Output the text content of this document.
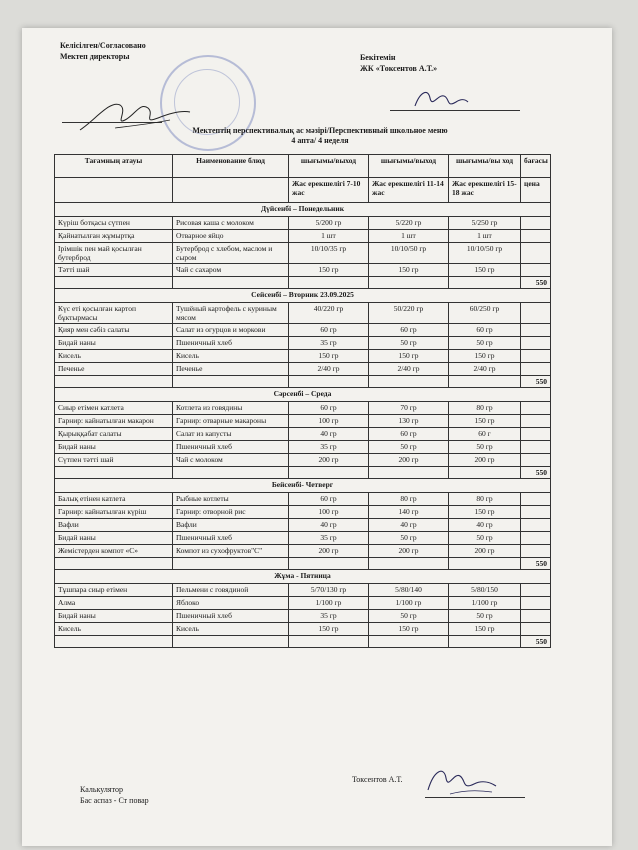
Келісілген/Согласовано
Мектеп директоры	Бекітемін
ЖК «Токсентов А.Т.»
Мектептің перспективалық ас мәзірі/Перспективный школьное меню
4 апта/ 4 неделя
Тағамның атауы	Наименование блюд	шығымы/выход	шығымы/выход	шығымы/вы ход	бағасы
		Жас ерекшелігі 7-10 жас	Жас ерекшелігі 11-14 жас	Жас ерекшелігі 15-18 жас	цена
Дүйсенбі – Понедельник					
Күріш ботқасы сүтпен	Рисовая каша с молоком	5/200 гр	5/220 гр	5/250 гр	
Қайнатылған жұмыртқа	Отварное яйцо	1 шт	1 шт	1 шт	
Ірімшік пен май қосылған бутерброд	Бутерброд с хлебом, маслом и сыром	10/10/35 гр	10/10/50 гр	10/10/50 гр	
Тәтті шай	Чай с сахаром	150 гр	150 гр	150 гр	
					550
Сейсенбі – Вторник 23.09.2025					
Күс еті қосылған картоп бұктырмасы	Тушёный картофель с куриным мясом	40/220 гр	50/220 гр	60/250 гр	
Қияр мен сәбіз салаты	Салат из огурцов и моркови	60 гр	60 гр	60 гр	
Бидай наны	Пшеничный хлеб	35 гр	50 гр	50 гр	
Кисель	Кисель	150 гр	150 гр	150 гр	
Печенье	Печенье	2/40 гр	2/40 гр	2/40 гр	
					550
Сәрсенбі – Среда					
Сиыр етімен катлета	Котлета из говядины	60 гр	70 гр	80 гр	
Гарнир: кайнатылған макарон	Гарнир: отварные макароны	100 гр	130 гр	150 гр	
Қырыққабат салаты	Салат из капусты	40 гр	60 гр	60 г	
Бидай наны	Пшеничный хлеб	35 гр	50 гр	50 гр	
Сүтпен тәтті шай	Чай с молоком	200 гр	200 гр	200 гр	
					550
Бейсенбі- Четверг					
Балық етінен катлета	Рыбные котлеты	60 гр	80 гр	80 гр	
Гарнир: кайнатылған күріш	Гарнир: отворной рис	100 гр	140 гр	150 гр	
Вафли	Вафли	40 гр	40 гр	40 гр	
Бидай наны	Пшеничный хлеб	35 гр	50 гр	50 гр	
Жемістерден компот «С»	Компот из сухофруктов"С"	200 гр	200 гр	200 гр	
					550
Жұма - Пятница					
Тұшпара сиыр етімен	Пельмени с говядиной	5/70/130 гр	5/80/140	5/80/150	
Алма	Яблоко	1/100 гр	1/100 гр	1/100 гр	
Бидай наны	Пшеничный хлеб	35 гр	50 гр	50 гр	
Кисель	Кисель	150 гр	150 гр	150 гр	
					550
Калькулятор
Бас аспаз - Ст повар
Токсентов А.Т.
